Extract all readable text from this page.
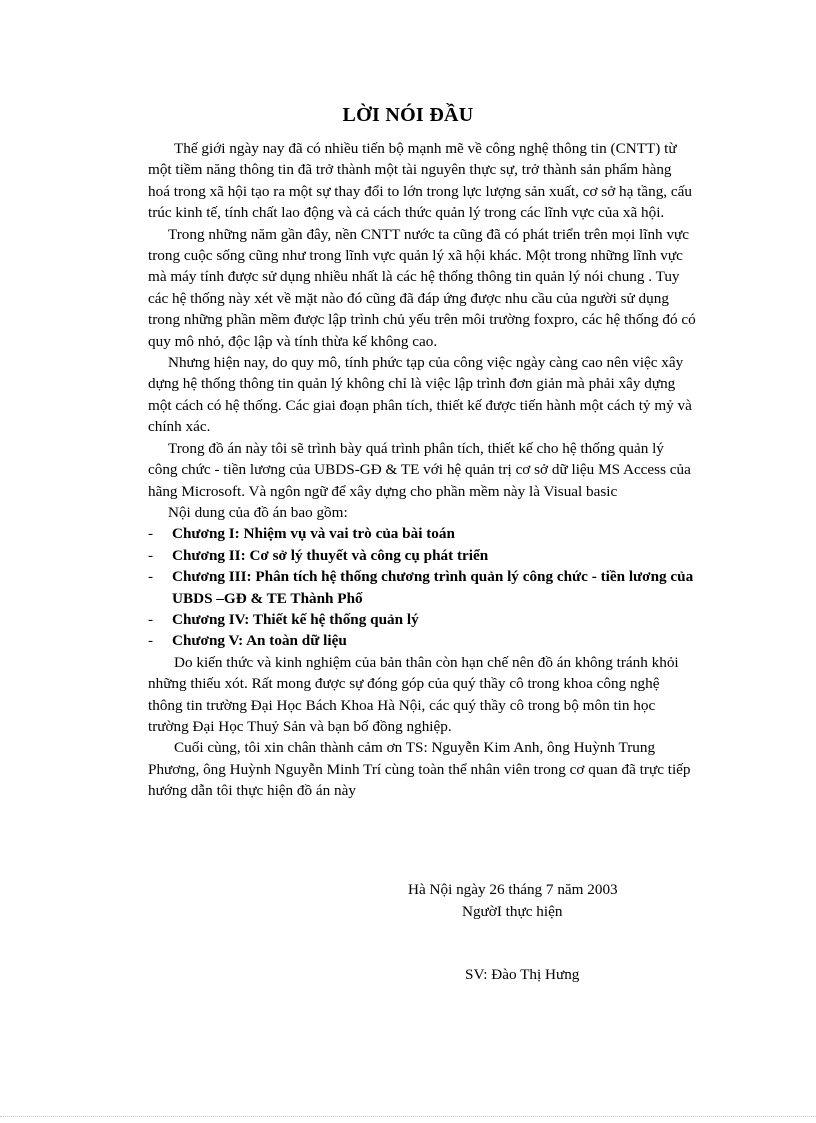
LỜI NÓI ĐẦU

Thế giới ngày nay đã có nhiều tiến bộ mạnh mẽ về công nghệ thông tin (CNTT) từ một tiềm năng thông tin đã trở thành một tài nguyên thực sự, trở thành sản phẩm hàng hoá trong xã hội tạo ra một sự thay đổi to lớn trong lực lượng sản xuất, cơ sở hạ tầng, cấu trúc kinh tế, tính chất lao động và cả cách thức quản lý trong các lĩnh vực của xã hội.

Trong những năm gần đây, nền CNTT nước ta cũng đã có phát triển trên mọi lĩnh vực trong cuộc sống cũng như trong lĩnh vực quản lý xã hội khác. Một trong những lĩnh vực mà máy tính được sử dụng nhiều nhất là các hệ thống thông tin quản lý nói chung . Tuy các hệ thống này xét về mặt nào đó cũng đã đáp ứng được nhu cầu của người sử dụng trong những phần mềm được lập trình chủ yếu trên môi trường foxpro, các hệ thống đó có quy mô nhỏ, độc lập và tính thừa kế không cao.

Nhưng hiện nay, do quy mô, tính phức tạp của công việc ngày càng cao nên việc xây dựng hệ thống thông tin quản lý không chỉ là việc lập trình đơn giản mà phải xây dựng một cách có hệ thống. Các giai đoạn phân tích, thiết kế được tiến hành một cách tỷ mỷ và chính xác.

Trong đồ án này tôi sẽ trình bày quá trình phân tích, thiết kế cho hệ thống quản lý công chức - tiền lương của UBDS-GĐ & TE với hệ quản trị cơ sở dữ liệu MS Access của hãng Microsoft. Và ngôn ngữ để xây dựng cho phần mềm này là Visual basic

Nội dung của đồ án bao gồm:

- Chương I: Nhiệm vụ và vai trò của bài toán
- Chương II: Cơ sở lý thuyết và công cụ phát triển
- Chương III: Phân tích hệ thống chương trình quản lý công chức - tiền lương của UBDS –GĐ & TE Thành Phố
- Chương IV: Thiết kế hệ thống quản lý
- Chương V: An toàn dữ liệu

Do kiến thức và kinh nghiệm của bản thân còn hạn chế nên đồ án không tránh khỏi những thiếu xót. Rất mong được sự đóng góp của quý thầy cô trong khoa công nghệ thông tin trường Đại Học Bách Khoa Hà Nội, các quý thầy cô trong bộ môn tin học trường Đại Học Thuỷ Sản và bạn bố đồng nghiệp.

Cuối cùng, tôi xin chân thành cảm ơn TS: Nguyễn Kim Anh, ông Huỳnh Trung Phương, ông Huỳnh Nguyễn Minh Trí cùng toàn thể nhân viên trong cơ quan đã trực tiếp hướng dẫn tôi thực hiện đồ án này

Hà Nội ngày 26 tháng 7 năm 2003
NgườI thực hiện
SV: Đào Thị Hưng
